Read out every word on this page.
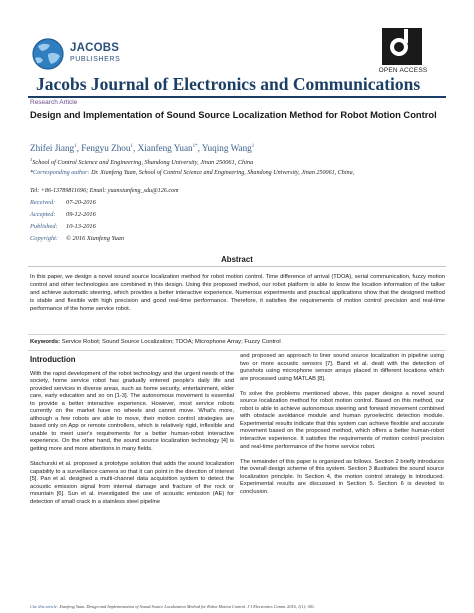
JACOBS
PUBLISHERS
OPEN ACCESS
Jacobs Journal of Electronics and Communications
Research Article
Design and Implementation of Sound Source Localization Method for Robot Motion Control
Zhifei Jiang$^1$, Fengyu Zhou$^1$, Xianfeng Yuan$^{1*}$, Yuqing Wang$^1$
$^1$School of Control Science and Engineering, Shandong University, Jinan 250061, China
*Corresponding author: Dr. Xianfeng Yuan, School of Control Science and Engineering, Shandong University, Jinan 250061, China,
Tel: +86-13789811696; Email: yuanxianfeng_sdu@126.com
Received: 07-20-2016
Accepted: 09-12-2016
Published: 10-13-2016
Copyright: © 2016 Xianfeng Yuan
Abstract
In this paper, we design a novel sound source localization method for robot motion control. Time difference of arrival (TDOA), serial communication, fuzzy motion control and other technologies are combined in this design. Using this proposed method, our robot platform is able to know the location information of the talker and achieve automatic steering, which provides a better interactive experience. Numerous experiments and practical applications show that the designed method is stable and flexible with high precision and good real-time performance. Therefore, it satisfies the requirements of motion control precision and real-time performance of the home service robot.
Keywords: Service Robot; Sound Source Localization; TDOA; Microphone Array; Fuzzy Control
Introduction

With the rapid development of the robot technology and the urgent needs of the society, home service robot has gradually entered people's daily life and provided services in diverse areas, such as home security, entertainment, elder care, early education and so on [1-3]. The autonomous movement is essential to provide a better interactive experience. However, most service robots currently on the market have no wheels and cannot move. What's more, although a few robots are able to move, their motion control strategies are based only on App or remote controllers, which is relatively rigid, inflexible and unable to meet user's requirements for a better human-robot interactive experience. On the other hand, the sound source localization technology [4] is getting more and more attentions in many fields.

Stachurski et al. proposed a prototype solution that adds the sound localization capability to a surveillance camera so that it can point in the direction of interest [5]. Pan et al. designed a multi-channel data acquisition system to detect the acoustic emission signal from internal damage and fracture of the rock or mountain [6]. Sun et al. investigated the use of acoustic emission (AE) for detection of small crack in a stainless steel pipeline

and proposed an approach to liner sound source localization in pipeline using two or more acoustic sensors [7]. Band et al. dealt with the detection of gunshots using microphone sensor arrays placed in different locations which are processed using MATLAB [8].

To solve the problems mentioned above, this paper designs a novel sound source localization method for robot motion control. Based on this method, our robot is able to achieve autonomous steering and forward movement combined with obstacle avoidance module and human pyroelectric detection module. Experimental results indicate that this system can achieve flexible and accurate movement based on the proposed method, which offers a better human-robot interactive experience. It satisfies the requirements of motion control precision and real-time performance of the home service robot.

The remainder of this paper is organized as follows. Section 2 briefly introduces the overall design scheme of this system. Section 3 illustrates the sound source localization principle. In Section 4, the motion control strategy is introduced. Experimental results are discussed in Section 5. Section 6 is devoted to conclusion.

Cite this article: Xianfeng Yuan. Design and Implementation of Sound Source Localization Method for Robot Motion Control. J J Electronics Comm. 2016, 1(1): 001.
